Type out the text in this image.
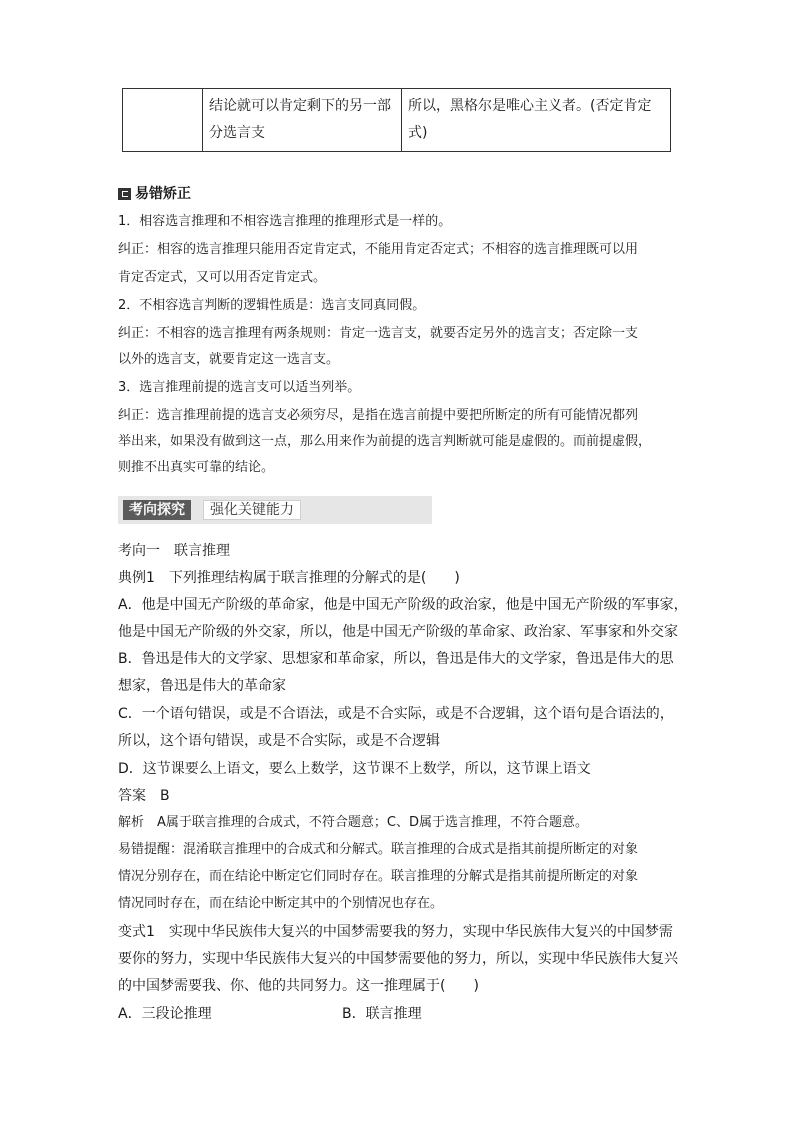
结论就可以肯定剩下的另一部
分选言支
所以，黑格尔是唯心主义者。(否定肯定式)
易错矫正
1．相容选言推理和不相容选言推理的推理形式是一样的。
纠正：相容的选言推理只能用否定肯定式，不能用肯定否定式；不相容的选言推理既可以用
肯定否定式，又可以用否定肯定式。
2．不相容选言判断的逻辑性质是：选言支同真同假。
纠正：不相容的选言推理有两条规则：肯定一选言支，就要否定另外的选言支；否定除一支
以外的选言支，就要肯定这一选言支。
3．选言推理前提的选言支可以适当列举。
纠正：选言推理前提的选言支必须穷尽，是指在选言前提中要把所断定的所有可能情况都列
举出来，如果没有做到这一点，那么用来作为前提的选言判断就可能是虚假的。而前提虚假，
则推不出真实可靠的结论。
考向探究	强化关键能力
考向一　联言推理
典例1　下列推理结构属于联言推理的分解式的是(　　)
A．他是中国无产阶级的革命家，他是中国无产阶级的政治家，他是中国无产阶级的军事家，
他是中国无产阶级的外交家，所以，他是中国无产阶级的革命家、政治家、军事家和外交家
B．鲁迅是伟大的文学家、思想家和革命家，所以，鲁迅是伟大的文学家，鲁迅是伟大的思
想家，鲁迅是伟大的革命家
C．一个语句错误，或是不合语法，或是不合实际，或是不合逻辑，这个语句是合语法的，
所以，这个语句错误，或是不合实际，或是不合逻辑
D．这节课要么上语文，要么上数学，这节课不上数学，所以，这节课上语文
答案　B
解析　A属于联言推理的合成式，不符合题意；C、D属于选言推理，不符合题意。
易错提醒：混淆联言推理中的合成式和分解式。联言推理的合成式是指其前提所断定的对象
情况分别存在，而在结论中断定它们同时存在。联言推理的分解式是指其前提所断定的对象
情况同时存在，而在结论中断定其中的个别情况也存在。
变式1　实现中华民族伟大复兴的中国梦需要我的努力，实现中华民族伟大复兴的中国梦需
要你的努力，实现中华民族伟大复兴的中国梦需要他的努力，所以，实现中华民族伟大复兴
的中国梦需要我、你、他的共同努力。这一推理属于(　　)
A．三段论推理	B．联言推理
